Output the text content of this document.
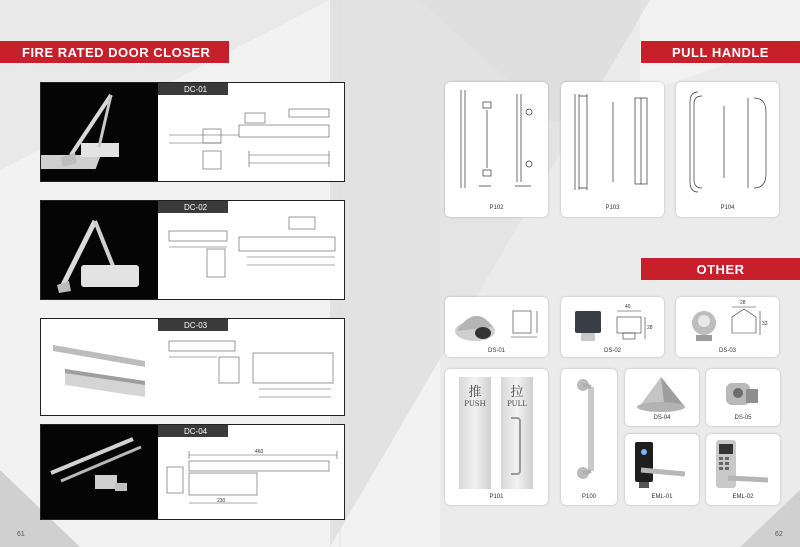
FIRE RATED DOOR CLOSER
DC-01
DC-02
DC-03
DC-04
460
230
61
PULL HANDLE
P102	P103	P104
OTHER
DS-01
40
28
DS-02
28
33
DS-03
推
PUSH
拉
PULL
P101	P100
DS-04	DS-05
EML-01	EML-02
62
